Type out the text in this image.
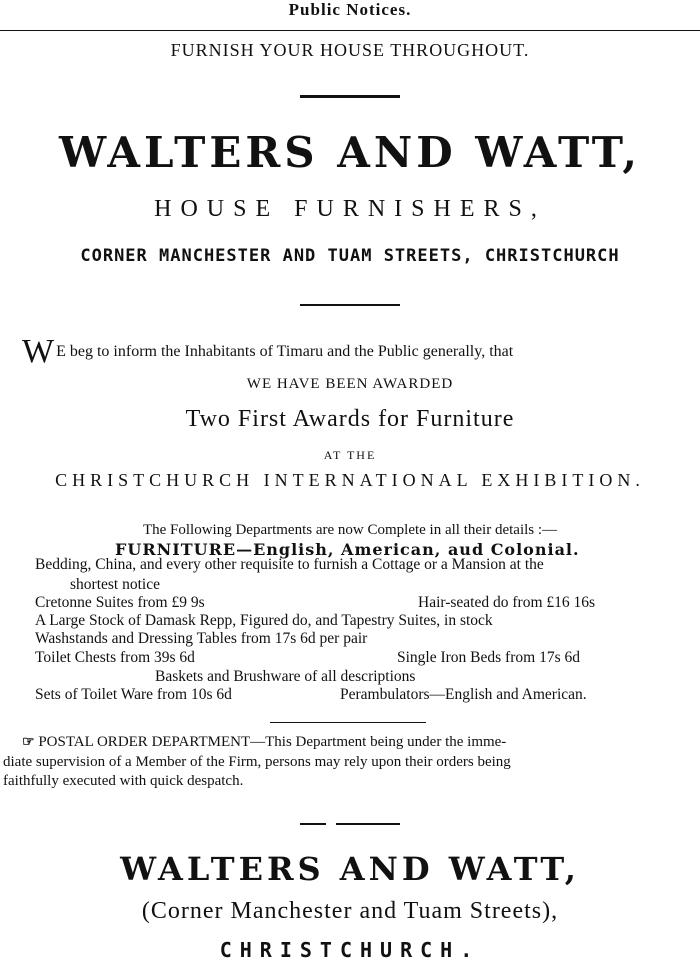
Public Notices.
FURNISH YOUR HOUSE THROUGHOUT.
WALTERS AND WATT,
HOUSE FURNISHERS,
CORNER MANCHESTER AND TUAM STREETS, CHRISTCHURCH
W E beg to inform the Inhabitants of Timaru and the Public generally, that
WE HAVE BEEN AWARDED
Two First Awards for Furniture
AT THE
CHRISTCHURCH INTERNATIONAL EXHIBITION.
The Following Departments are now Complete in all their details :—
FURNITURE—English, American, aud Colonial.
Bedding, China, and every other requisite to furnish a Cottage or a Mansion at the
shortest notice
Cretonne Suites from £9 9s	Hair-seated do from £16 16s
A Large Stock of Damask Repp, Figured do, and Tapestry Suites, in stock
Washstands and Dressing Tables from 17s 6d per pair
Toilet Chests from 39s 6d	Single Iron Beds from 17s 6d
Baskets and Brushware of all descriptions
Sets of Toilet Ware from 10s 6d	Perambulators—English and American.
☞ POSTAL ORDER DEPARTMENT—This Department being under the imme-
diate supervision of a Member of the Firm, persons may rely upon their orders being
faithfully executed with quick despatch.
WALTERS AND WATT,
(Corner Manchester and Tuam Streets),
CHRISTCHURCH.
